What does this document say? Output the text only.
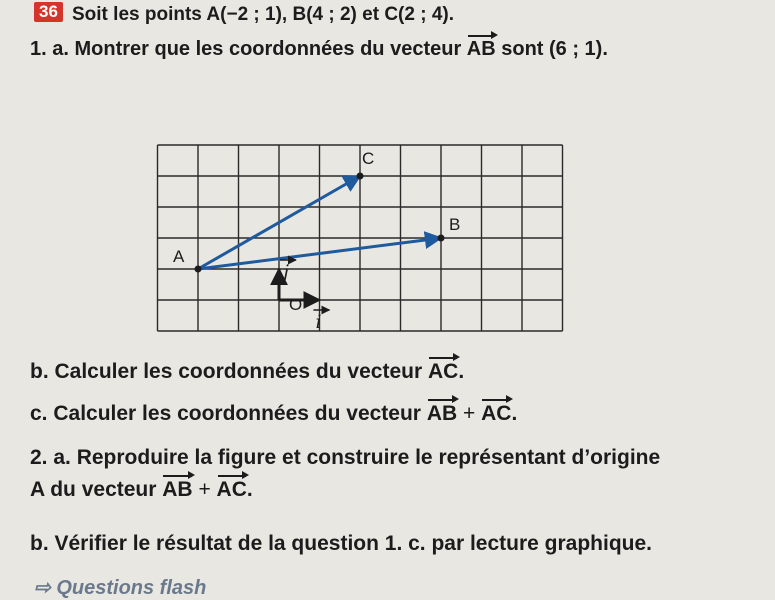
36 Soit les points A(−2 ; 1), B(4 ; 2) et C(2 ; 4).
1. a. Montrer que les coordonnées du vecteur AB sont (6 ; 1).
A
B
C
O
i
j
b. Calculer les coordonnées du vecteur AC.
c. Calculer les coordonnées du vecteur AB + AC.
2. a. Reproduire la figure et construire le représentant d’origine
A du vecteur AB + AC.
b. Vérifier le résultat de la question 1. c. par lecture graphique.
⇨ Questions flash
